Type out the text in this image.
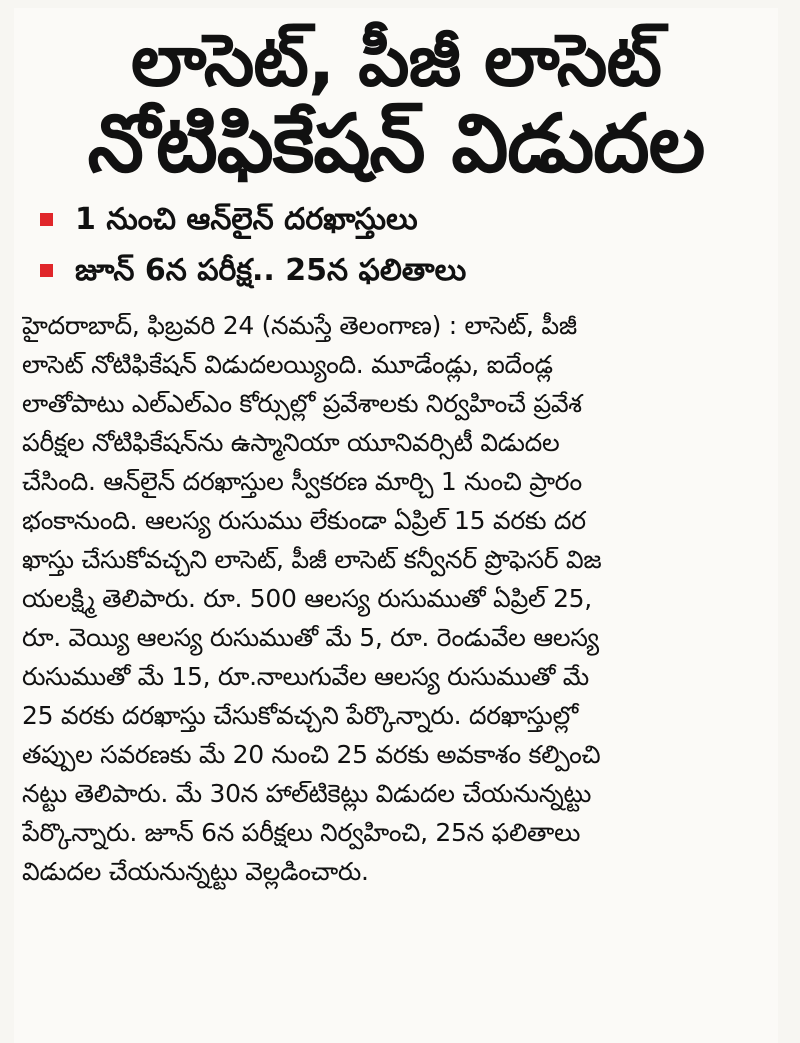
లాసెట్, పీజీ లాసెట్
నోటిఫికేషన్ విడుదల
1 నుంచి ఆన్‌లైన్ దరఖాస్తులు
జూన్ 6న పరీక్ష.. 25న ఫలితాలు
హైదరాబాద్, ఫిబ్రవరి 24 (నమస్తే తెలంగాణ) : లాసెట్, పీజీ
లాసెట్ నోటిఫికేషన్ విడుదలయ్యింది. మూడేండ్లు, ఐదేండ్ల
లాతోపాటు ఎల్ఎల్ఎం కోర్సుల్లో ప్రవేశాలకు నిర్వహించే ప్రవేశ
పరీక్షల నోటిఫికేషన్‌ను ఉస్మానియా యూనివర్సిటీ విడుదల
చేసింది. ఆన్‌లైన్ దరఖాస్తుల స్వీకరణ మార్చి 1 నుంచి ప్రారం
భంకానుంది. ఆలస్య రుసుము లేకుండా ఏప్రిల్ 15 వరకు దర
ఖాస్తు చేసుకోవచ్చని లాసెట్, పీజీ లాసెట్ కన్వీనర్ ప్రొఫెసర్ విజ
యలక్ష్మి తెలిపారు. రూ. 500 ఆలస్య రుసుముతో ఏప్రిల్ 25,
రూ. వెయ్యి ఆలస్య రుసుముతో మే 5, రూ. రెండువేల ఆలస్య
రుసుముతో మే 15, రూ.నాలుగువేల ఆలస్య రుసుముతో మే
25 వరకు దరఖాస్తు చేసుకోవచ్చని పేర్కొన్నారు. దరఖాస్తుల్లో
తప్పుల సవరణకు మే 20 నుంచి 25 వరకు అవకాశం కల్పించి
నట్టు తెలిపారు. మే 30న హాల్‌టికెట్లు విడుదల చేయనున్నట్టు
పేర్కొన్నారు. జూన్ 6న పరీక్షలు నిర్వహించి, 25న ఫలితాలు
విడుదల చేయనున్నట్టు వెల్లడించారు.
